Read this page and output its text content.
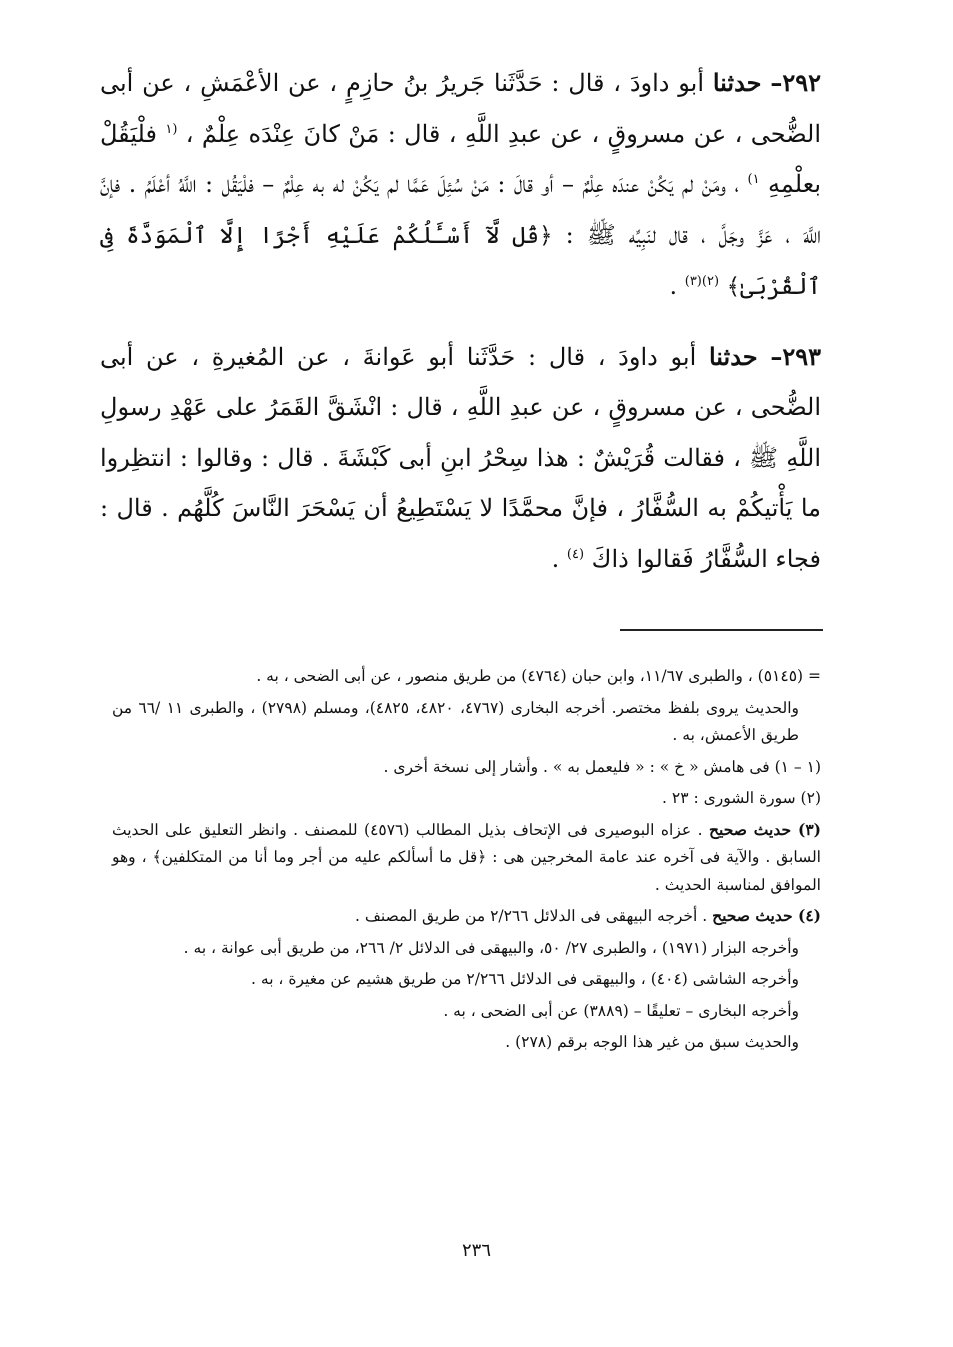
٢٩٢– حدثنا أبو داودَ ، قال : حَدَّثَنا جَريرُ بنُ حازِمٍ ، عن الأعْمَشِ ، عن أبى الضُّحى ، عن مسروقٍ ، عن عبدِ اللَّهِ ، قال : مَنْ كانَ عِنْدَه عِلْمٌ ، $^{(١}$ فلْيَقُلْ بعلْمِهِ $^{١)}$ ، ومَنْ لم يَكُنْ عندَه عِلْمٌ – أو قالَ : مَنْ سُئِلَ عَمَّا لم يَكُنْ له به عِلْمٌ – فلْيَقُل : اللَّهُ أعْلَمُ . فإنَّ اللَّهَ ، عَزَّ وجَلَّ ، قال لنَبِيِّه ﷺ : ﴿قُل لَّآ أَسْـَٔلُكُمْ عَلَيْهِ أَجْرًا إِلَّا ٱلْمَوَدَّةَ فِى ٱلْقُرْبَىٰ﴾ $^{(٢)(٣)}$ .

٢٩٣– حدثنا أبو داودَ ، قال : حَدَّثَنا أبو عَوانةَ ، عن المُغيرةِ ، عن أبى الضُّحى ، عن مسروقٍ ، عن عبدِ اللَّهِ ، قال : انْشَقَّ القَمَرُ على عَهْدِ رسولِ اللَّهِ ﷺ ، فقالت قُرَيْشٌ : هذا سِحْرُ ابنِ أبى كَبْشَةَ . قال : وقالوا : انتظِروا ما يَأْتيكُمْ به السُّفَّارُ ، فإنَّ محمَّدًا لا يَسْتَطِيعُ أن يَسْحَرَ النَّاسَ كُلَّهُم . قال : فجاء السُّفَّارُ فَقالوا ذاكَ $^{(٤)}$ .

= (٥١٤٥) ، والطبرى ١١/٦٧، وابن حبان (٤٧٦٤) من طريق منصور ، عن أبى الضحى ، به .

والحديث يروى بلفظ مختصر. أخرجه البخارى (٤٧٦٧، ٤٨٢٠، ٤٨٢٥)، ومسلم (٢٧٩٨) ، والطبرى ١١ /٦٦ من طريق الأعمش، به .

(١ – ١) فى هامش « خ » : « فليعمل به » . وأشار إلى نسخة أخرى .

(٢) سورة الشورى : ٢٣ .

(٣) حديث صحيح . عزاه البوصيرى فى الإتحاف بذيل المطالب (٤٥٧٦) للمصنف . وانظر التعليق على الحديث السابق . والآية فى آخره عند عامة المخرجين هى : ﴿قل ما أسألكم عليه من أجر وما أنا من المتكلفين﴾ ، وهو الموافق لمناسبة الحديث .

(٤) حديث صحيح . أخرجه البيهقى فى الدلائل ٢/٢٦٦ من طريق المصنف .

وأخرجه البزار (١٩٧١) ، والطبرى ٢٧/ ٥٠، والبيهقى فى الدلائل ٢/ ٢٦٦، من طريق أبى عوانة ، به .

وأخرجه الشاشى (٤٠٤) ، والبيهقى فى الدلائل ٢/٢٦٦ من طريق هشيم عن مغيرة ، به .

وأخرجه البخارى – تعليقًا – (٣٨٨٩) عن أبى الضحى ، به .

والحديث سبق من غير هذا الوجه برقم (٢٧٨) .

٢٣٦
